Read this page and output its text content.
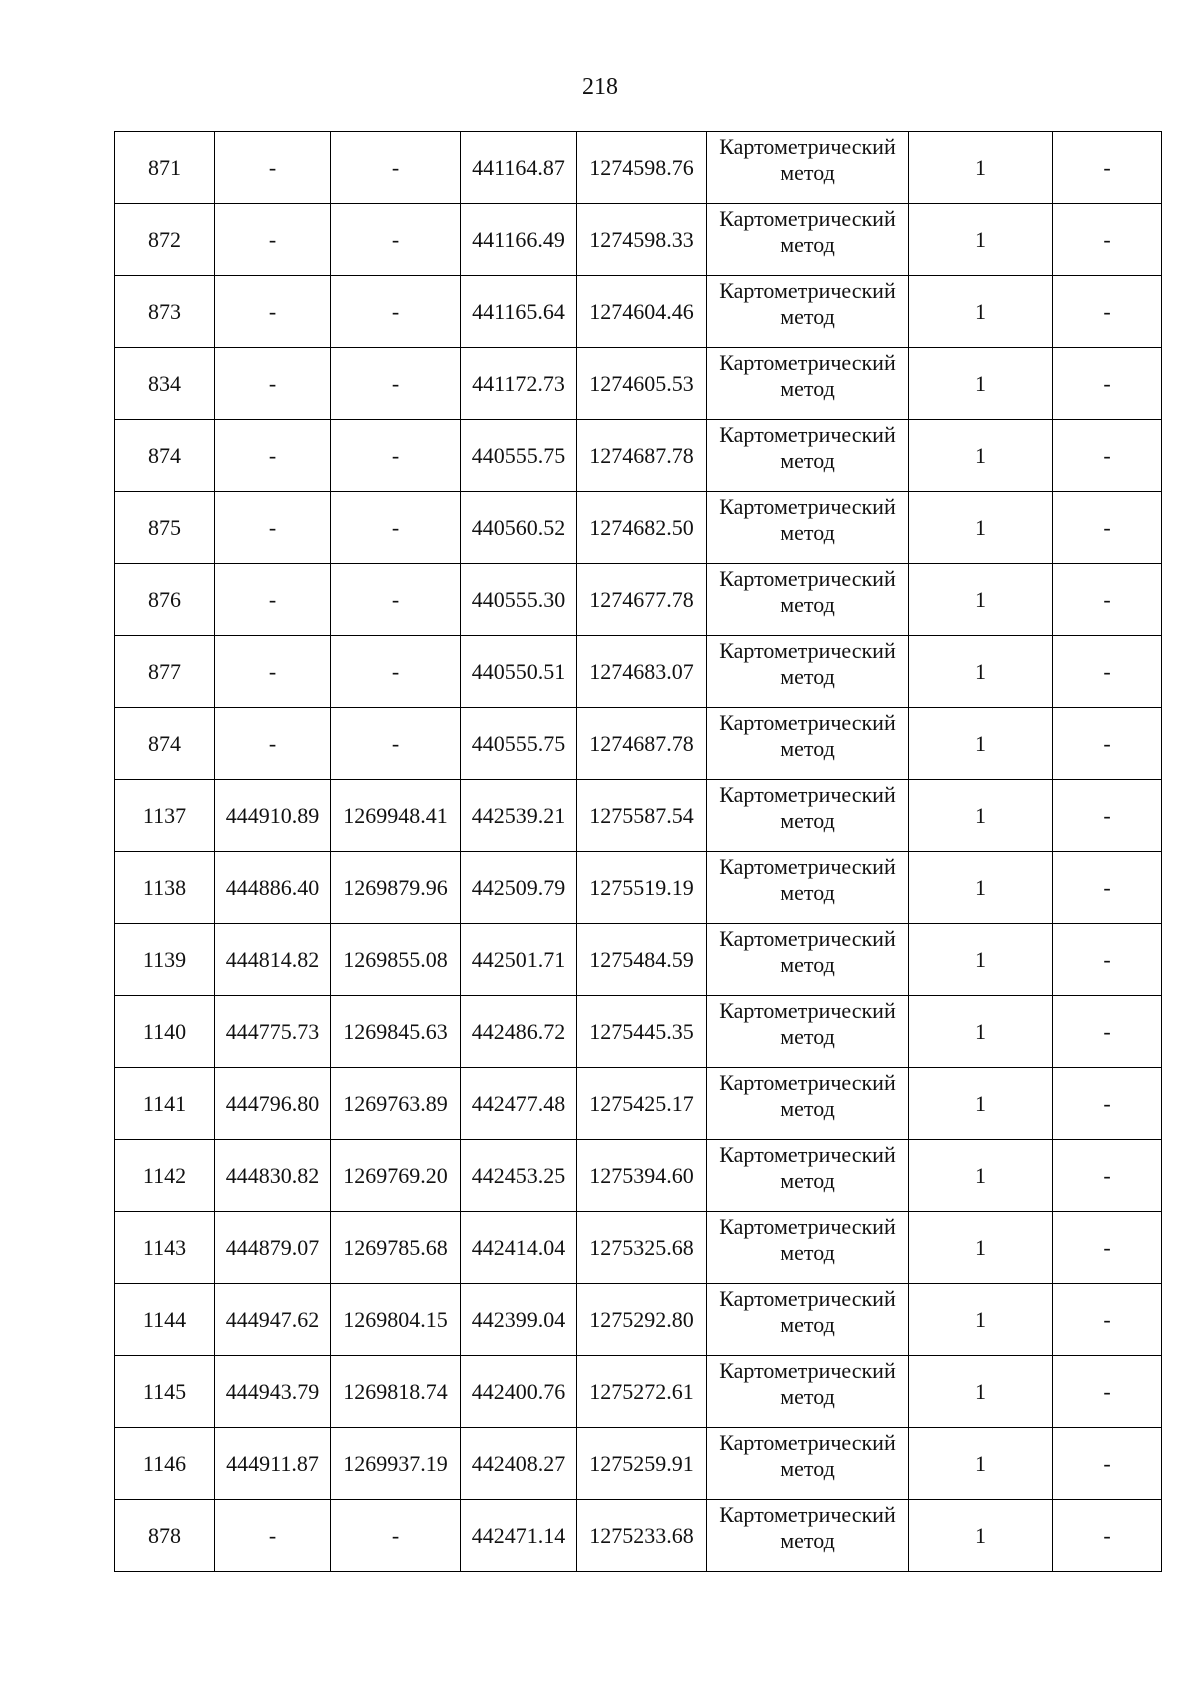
218
871	-	-	441164.87	1274598.76	Картометрический
метод	1	-
872	-	-	441166.49	1274598.33	Картометрический
метод	1	-
873	-	-	441165.64	1274604.46	Картометрический
метод	1	-
834	-	-	441172.73	1274605.53	Картометрический
метод	1	-
874	-	-	440555.75	1274687.78	Картометрический
метод	1	-
875	-	-	440560.52	1274682.50	Картометрический
метод	1	-
876	-	-	440555.30	1274677.78	Картометрический
метод	1	-
877	-	-	440550.51	1274683.07	Картометрический
метод	1	-
874	-	-	440555.75	1274687.78	Картометрический
метод	1	-
1137	444910.89	1269948.41	442539.21	1275587.54	Картометрический
метод	1	-
1138	444886.40	1269879.96	442509.79	1275519.19	Картометрический
метод	1	-
1139	444814.82	1269855.08	442501.71	1275484.59	Картометрический
метод	1	-
1140	444775.73	1269845.63	442486.72	1275445.35	Картометрический
метод	1	-
1141	444796.80	1269763.89	442477.48	1275425.17	Картометрический
метод	1	-
1142	444830.82	1269769.20	442453.25	1275394.60	Картометрический
метод	1	-
1143	444879.07	1269785.68	442414.04	1275325.68	Картометрический
метод	1	-
1144	444947.62	1269804.15	442399.04	1275292.80	Картометрический
метод	1	-
1145	444943.79	1269818.74	442400.76	1275272.61	Картометрический
метод	1	-
1146	444911.87	1269937.19	442408.27	1275259.91	Картометрический
метод	1	-
878	-	-	442471.14	1275233.68	Картометрический
метод	1	-
